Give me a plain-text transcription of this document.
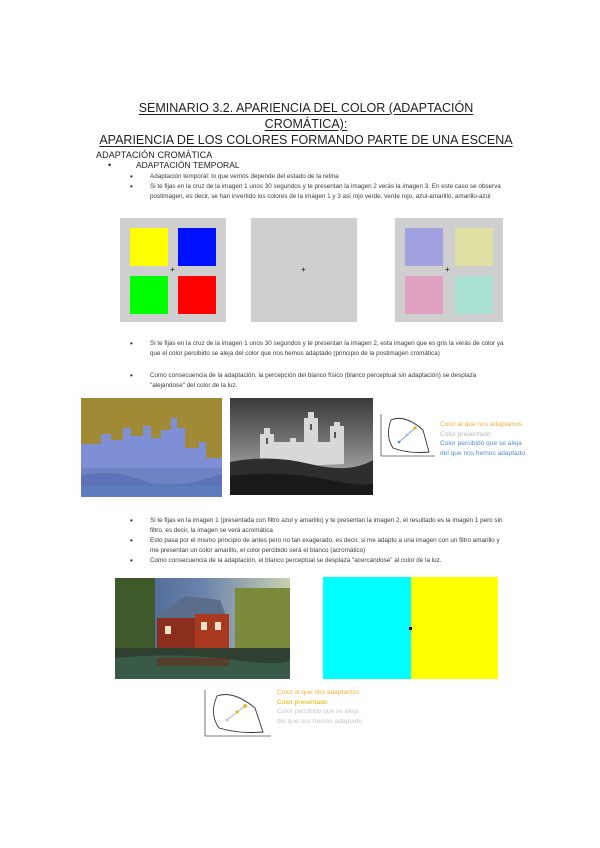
SEMINARIO 3.2. APARIENCIA DEL COLOR (ADAPTACIÓN CROMÁTICA):
APARIENCIA DE LOS COLORES FORMANDO PARTE DE UNA ESCENA
ADAPTACIÓN CROMÁTICA
• ADAPTACIÓN TEMPORAL
• Adaptación temporal: lo que vemos depende del estado de la retina
• Si te fijas en la cruz de la imagen 1 unos 30 segundos y te presentan la imagen 2 verás la imagen 3. En este caso se observa postimagen, es decir, se han invertido los colores de la imagen 1 y 3 así rojo verde, verde rojo, azul-amarillo, amarillo-azul
+	+	+
• Si te fijas en la cruz de la imagen 1 unos 30 segundos y te presentan la imagen 2, esta imagen que es gris la verás de color ya que el color percibido se aleja del color que nos hemos adaptado (principio de la postimagen cromática)
• Como consecuencia de la adaptación, la percepción del blanco físico (blanco perceptual sin adaptación) se desplaza "alejándose" del color de la luz.
Color al que nos adaptamos
Color presentado
Color percibido que se aleja
del que nos hemos adaptado
• Si te fijas en la imagen 1 (presentada con filtro azul y amarillo) y te presentan la imagen 2, el resultado es la imagen 1 pero sin filtro, es decir, la imagen se verá acromática
• Esto pasa por el mismo principio de antes pero no tan exagerado, es decir, si me adapto a una imagen con un filtro amarillo y me presentan un color amarillo, el color percibido será el blanco (acromático)
• Como consecuencia de la adaptación, el blanco perceptual se desplaza "acercándose" al color de la luz.
Color al que nos adaptamos
Color presentado
Color percibido que se aleja
del que nos hemos adaptado
